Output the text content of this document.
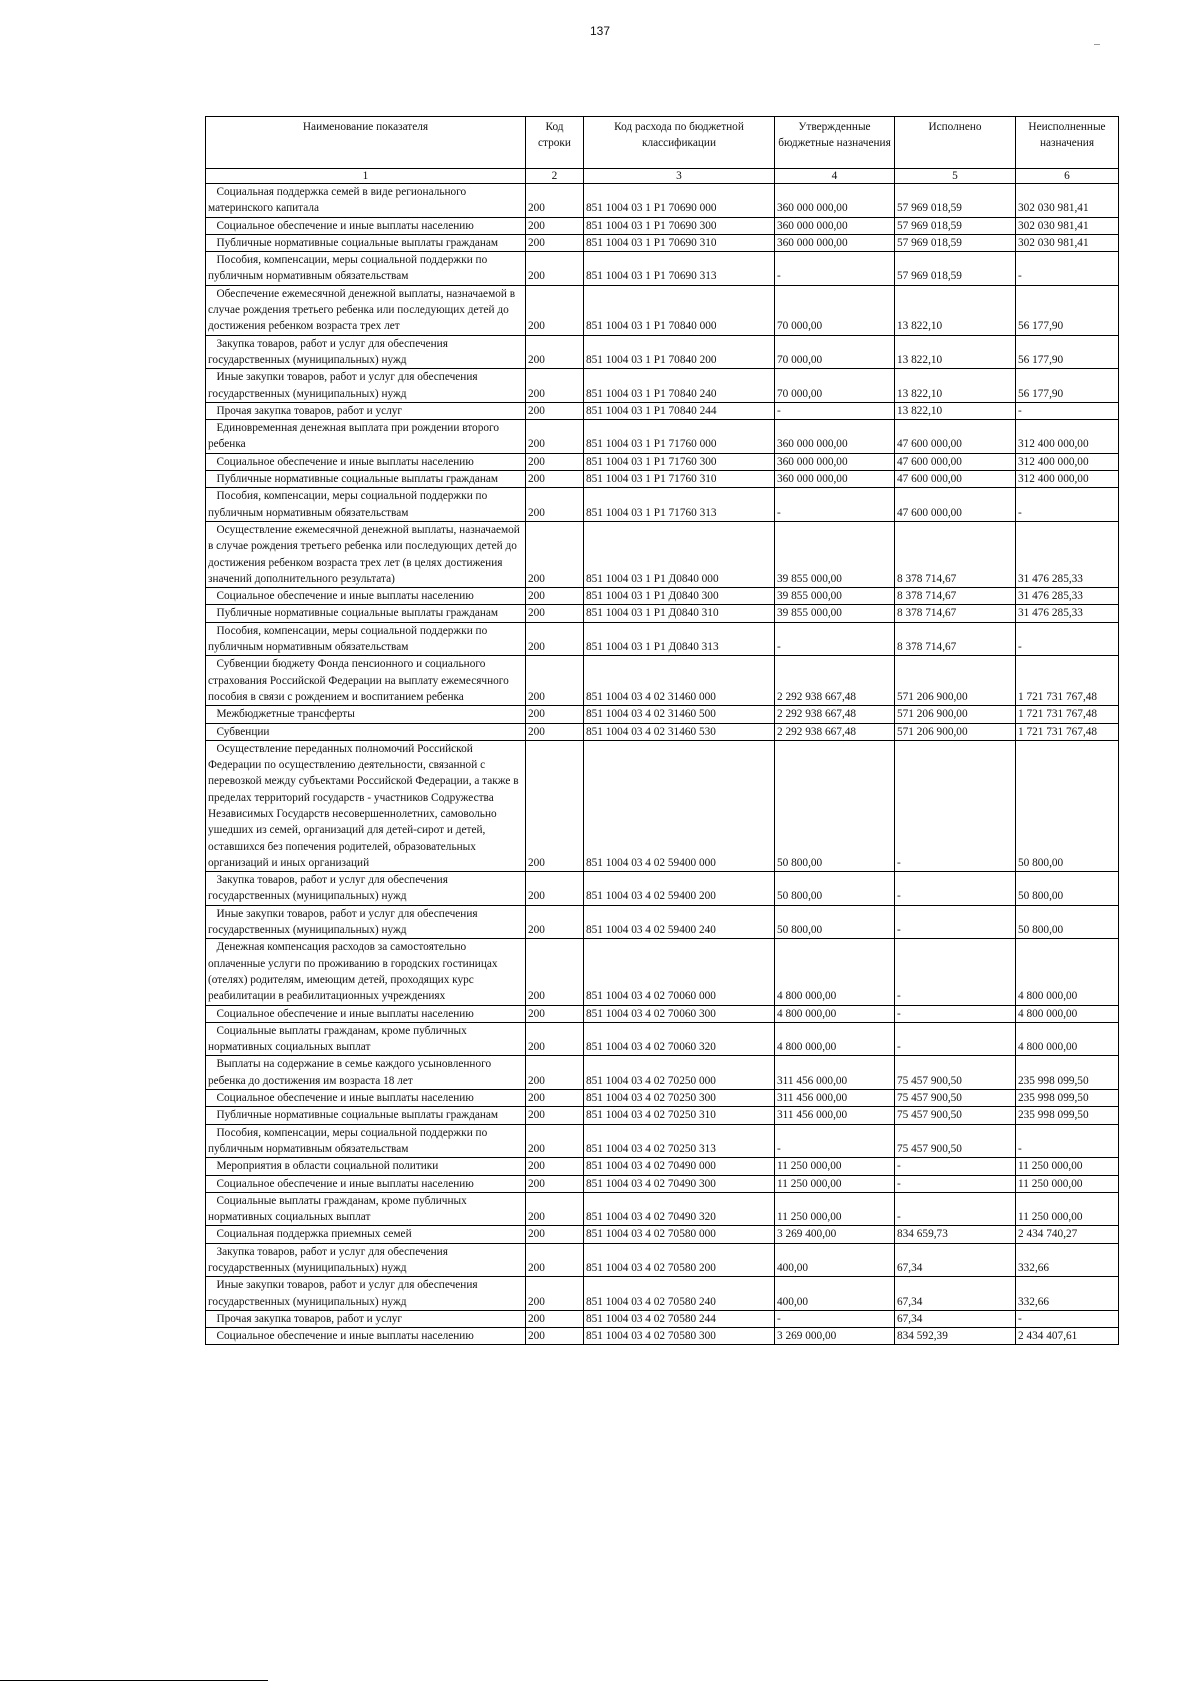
137
Наименование показателя	Код строки	Код расхода по бюджетной классификации	Утвержденные бюджетные назначения	Исполнено	Неисполненные назначения
1	2	3	4	5	6
Социальная поддержка семей в виде регионального материнского капитала	200	851 1004 03 1 Р1 70690 000	360 000 000,00	57 969 018,59	302 030 981,41
Социальное обеспечение и иные выплаты населению	200	851 1004 03 1 Р1 70690 300	360 000 000,00	57 969 018,59	302 030 981,41
Публичные нормативные социальные выплаты гражданам	200	851 1004 03 1 Р1 70690 310	360 000 000,00	57 969 018,59	302 030 981,41
Пособия, компенсации, меры социальной поддержки по публичным нормативным обязательствам	200	851 1004 03 1 Р1 70690 313	-	57 969 018,59	-
Обеспечение ежемесячной денежной выплаты, назначаемой в случае рождения третьего ребенка или последующих детей до достижения ребенком возраста трех лет	200	851 1004 03 1 Р1 70840 000	70 000,00	13 822,10	56 177,90
Закупка товаров, работ и услуг для обеспечения государственных (муниципальных) нужд	200	851 1004 03 1 Р1 70840 200	70 000,00	13 822,10	56 177,90
Иные закупки товаров, работ и услуг для обеспечения государственных (муниципальных) нужд	200	851 1004 03 1 Р1 70840 240	70 000,00	13 822,10	56 177,90
Прочая закупка товаров, работ и услуг	200	851 1004 03 1 Р1 70840 244	-	13 822,10	-
Единовременная денежная выплата при рождении второго ребенка	200	851 1004 03 1 Р1 71760 000	360 000 000,00	47 600 000,00	312 400 000,00
Социальное обеспечение и иные выплаты населению	200	851 1004 03 1 Р1 71760 300	360 000 000,00	47 600 000,00	312 400 000,00
Публичные нормативные социальные выплаты гражданам	200	851 1004 03 1 Р1 71760 310	360 000 000,00	47 600 000,00	312 400 000,00
Пособия, компенсации, меры социальной поддержки по публичным нормативным обязательствам	200	851 1004 03 1 Р1 71760 313	-	47 600 000,00	-
Осуществление ежемесячной денежной выплаты, назначаемой в случае рождения третьего ребенка или последующих детей до достижения ребенком возраста трех лет (в целях достижения значений дополнительного результата)	200	851 1004 03 1 Р1 Д0840 000	39 855 000,00	8 378 714,67	31 476 285,33
Социальное обеспечение и иные выплаты населению	200	851 1004 03 1 Р1 Д0840 300	39 855 000,00	8 378 714,67	31 476 285,33
Публичные нормативные социальные выплаты гражданам	200	851 1004 03 1 Р1 Д0840 310	39 855 000,00	8 378 714,67	31 476 285,33
Пособия, компенсации, меры социальной поддержки по публичным нормативным обязательствам	200	851 1004 03 1 Р1 Д0840 313	-	8 378 714,67	-
Субвенции бюджету Фонда пенсионного и социального страхования Российской Федерации на выплату ежемесячного пособия в связи с рождением и воспитанием ребенка	200	851 1004 03 4 02 31460 000	2 292 938 667,48	571 206 900,00	1 721 731 767,48
Межбюджетные трансферты	200	851 1004 03 4 02 31460 500	2 292 938 667,48	571 206 900,00	1 721 731 767,48
Субвенции	200	851 1004 03 4 02 31460 530	2 292 938 667,48	571 206 900,00	1 721 731 767,48
Осуществление переданных полномочий Российской Федерации по осуществлению деятельности, связанной с перевозкой между субъектами Российской Федерации, а также в пределах территорий государств - участников Содружества Независимых Государств несовершеннолетних, самовольно ушедших из семей, организаций для детей-сирот и детей, оставшихся без попечения родителей, образовательных организаций и иных организаций	200	851 1004 03 4 02 59400 000	50 800,00	-	50 800,00
Закупка товаров, работ и услуг для обеспечения государственных (муниципальных) нужд	200	851 1004 03 4 02 59400 200	50 800,00	-	50 800,00
Иные закупки товаров, работ и услуг для обеспечения государственных (муниципальных) нужд	200	851 1004 03 4 02 59400 240	50 800,00	-	50 800,00
Денежная компенсация расходов за самостоятельно оплаченные услуги по проживанию в городских гостиницах (отелях) родителям, имеющим детей, проходящих курс реабилитации в реабилитационных учреждениях	200	851 1004 03 4 02 70060 000	4 800 000,00	-	4 800 000,00
Социальное обеспечение и иные выплаты населению	200	851 1004 03 4 02 70060 300	4 800 000,00	-	4 800 000,00
Социальные выплаты гражданам, кроме публичных нормативных социальных выплат	200	851 1004 03 4 02 70060 320	4 800 000,00	-	4 800 000,00
Выплаты на содержание в семье каждого усыновленного ребенка до достижения им возраста 18 лет	200	851 1004 03 4 02 70250 000	311 456 000,00	75 457 900,50	235 998 099,50
Социальное обеспечение и иные выплаты населению	200	851 1004 03 4 02 70250 300	311 456 000,00	75 457 900,50	235 998 099,50
Публичные нормативные социальные выплаты гражданам	200	851 1004 03 4 02 70250 310	311 456 000,00	75 457 900,50	235 998 099,50
Пособия, компенсации, меры социальной поддержки по публичным нормативным обязательствам	200	851 1004 03 4 02 70250 313	-	75 457 900,50	-
Мероприятия в области социальной политики	200	851 1004 03 4 02 70490 000	11 250 000,00	-	11 250 000,00
Социальное обеспечение и иные выплаты населению	200	851 1004 03 4 02 70490 300	11 250 000,00	-	11 250 000,00
Социальные выплаты гражданам, кроме публичных нормативных социальных выплат	200	851 1004 03 4 02 70490 320	11 250 000,00	-	11 250 000,00
Социальная поддержка приемных семей	200	851 1004 03 4 02 70580 000	3 269 400,00	834 659,73	2 434 740,27
Закупка товаров, работ и услуг для обеспечения государственных (муниципальных) нужд	200	851 1004 03 4 02 70580 200	400,00	67,34	332,66
Иные закупки товаров, работ и услуг для обеспечения государственных (муниципальных) нужд	200	851 1004 03 4 02 70580 240	400,00	67,34	332,66
Прочая закупка товаров, работ и услуг	200	851 1004 03 4 02 70580 244	-	67,34	-
Социальное обеспечение и иные выплаты населению	200	851 1004 03 4 02 70580 300	3 269 000,00	834 592,39	2 434 407,61
